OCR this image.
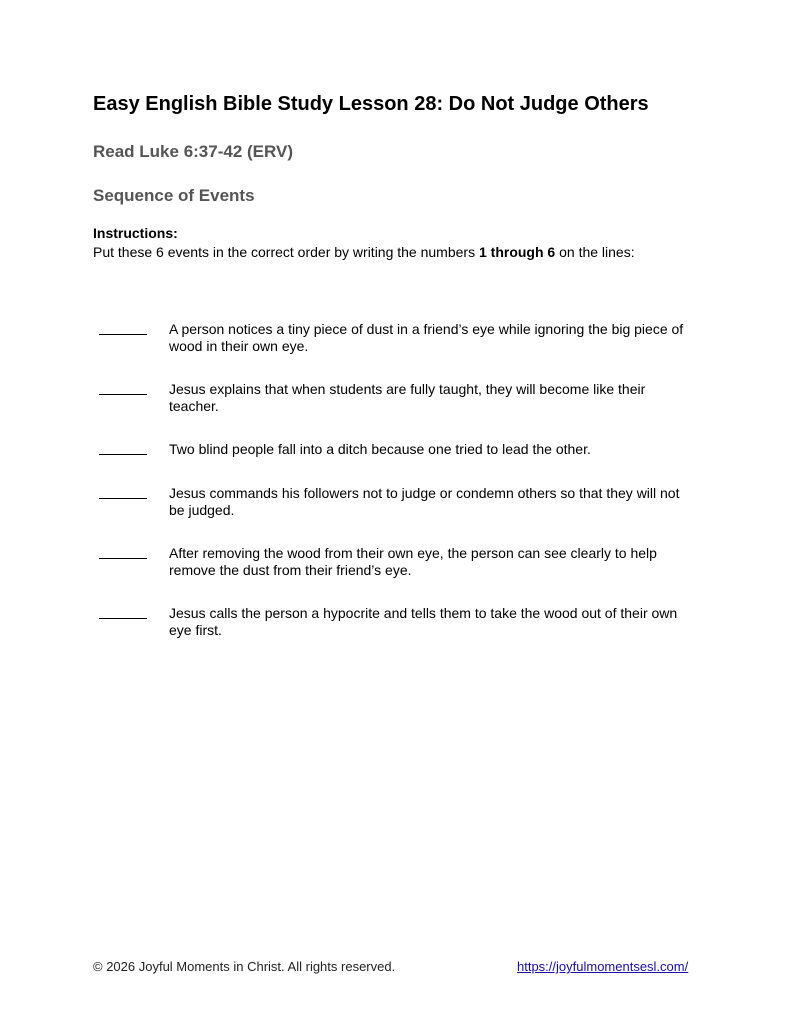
Easy English Bible Study Lesson 28: Do Not Judge Others
Read Luke 6:37-42 (ERV)
Sequence of Events
Instructions:
Put these 6 events in the correct order by writing the numbers 1 through 6 on the lines:
A person notices a tiny piece of dust in a friend’s eye while ignoring the big piece of wood in their own eye.
Jesus explains that when students are fully taught, they will become like their teacher.
Two blind people fall into a ditch because one tried to lead the other.
Jesus commands his followers not to judge or condemn others so that they will not be judged.
After removing the wood from their own eye, the person can see clearly to help remove the dust from their friend’s eye.
Jesus calls the person a hypocrite and tells them to take the wood out of their own eye first.
© 2026 Joyful Moments in Christ. All rights reserved.	https://joyfulmomentsesl.com/
